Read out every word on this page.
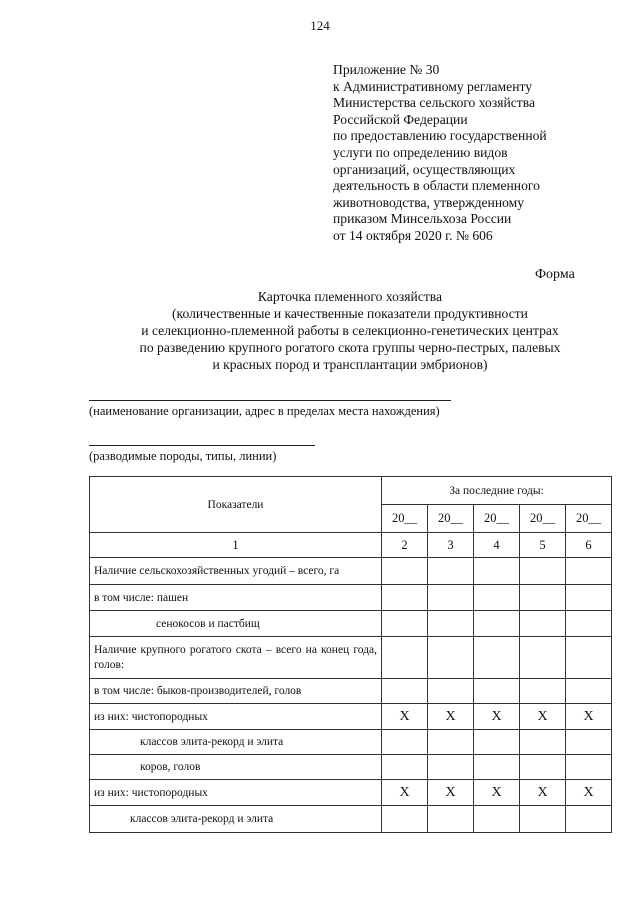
124
Приложение № 30
к Административному регламенту
Министерства сельского хозяйства
Российской Федерации
по предоставлению государственной
услуги по определению видов
организаций, осуществляющих
деятельность в области племенного
животноводства, утвержденному
приказом Минсельхоза России
от 14 октября 2020 г. № 606
Форма
Карточка племенного хозяйства
(количественные и качественные показатели продуктивности
и селекционно-племенной работы в селекционно-генетических центрах
по разведению крупного рогатого скота группы черно-пестрых, палевых
и красных пород и трансплантации эмбрионов)
(наименование организации, адрес в пределах места нахождения)
(разводимые породы, типы, линии)
Показатели	За последние годы:				
	20__	20__	20__	20__	20__
1	2	3	4	5	6
Наличие сельскохозяйственных угодий – всего, га					
в том числе: пашен					
сенокосов и пастбищ					
Наличие крупного рогатого скота – всего на конец года, голов:					
в том числе: быков-производителей, голов					
из них: чистопородных	X	X	X	X	X
классов элита-рекорд и элита					
коров, голов					
из них: чистопородных	X	X	X	X	X
классов элита-рекорд и элита					
